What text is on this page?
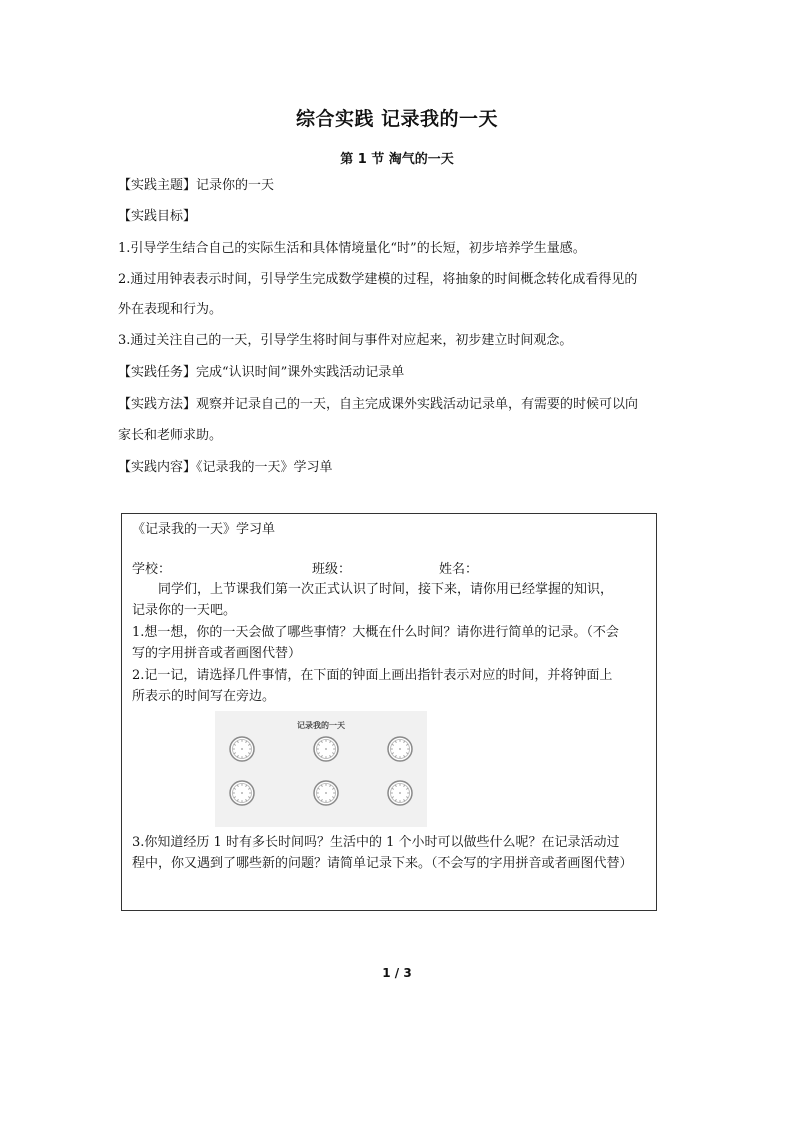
综合实践 记录我的一天
第 1 节 淘气的一天
【实践主题】记录你的一天
【实践目标】
1.引导学生结合自己的实际生活和具体情境量化“时”的长短，初步培养学生量感。
2.通过用钟表表示时间，引导学生完成数学建模的过程，将抽象的时间概念转化成看得见的
外在表现和行为。
3.通过关注自己的一天，引导学生将时间与事件对应起来，初步建立时间观念。
【实践任务】完成“认识时间”课外实践活动记录单
【实践方法】观察并记录自己的一天，自主完成课外实践活动记录单，有需要的时候可以向
家长和老师求助。
【实践内容】《记录我的一天》学习单
《记录我的一天》学习单
学校：	班级：	姓名：
同学们，上节课我们第一次正式认识了时间，接下来，请你用已经掌握的知识，
记录你的一天吧。
1.想一想，你的一天会做了哪些事情？大概在什么时间？请你进行简单的记录。（不会
写的字用拼音或者画图代替）
2.记一记，请选择几件事情，在下面的钟面上画出指针表示对应的时间，并将钟面上
所表示的时间写在旁边。
记录我的一天
3.你知道经历 1 时有多长时间吗？生活中的 1 个小时可以做些什么呢？在记录活动过
程中，你又遇到了哪些新的问题？请简单记录下来。（不会写的字用拼音或者画图代替）
1 / 3
